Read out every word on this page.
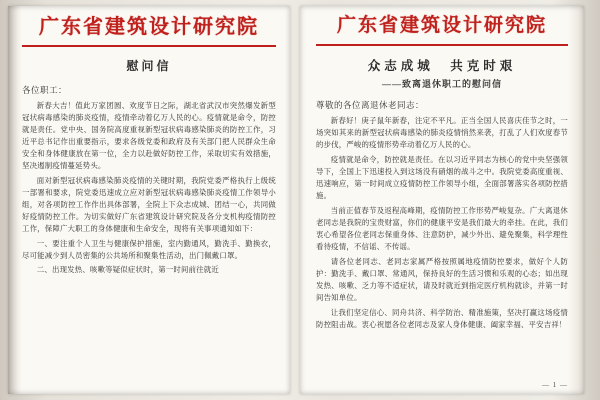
广东省建筑设计研究院
慰问信
各位职工：

新春大吉！值此万家团圆、欢度节日之际，湖北省武汉市突然爆发新型冠状病毒感染的肺炎疫情，疫情牵动着亿万人民的心。疫情就是命令，防控就是责任。党中央、国务院高度重视新型冠状病毒感染肺炎的防控工作，习近平总书记作出重要指示，要求各级党委和政府及有关部门把人民群众生命安全和身体健康放在第一位，全力以赴做好防控工作，采取切实有效措施，坚决遏制疫情蔓延势头。

面对新型冠状病毒感染肺炎疫情的关键时期，我院党委严格执行上级统一部署和要求，院党委迅速成立应对新型冠状病毒感染肺炎疫情工作领导小组，对各项防控工作作出具体部署，全院上下众志成城、团结一心，共同做好疫情防控工作。为切实做好广东省建筑设计研究院及各分支机构疫情防控工作，保障广大职工的身体健康和生命安全，现将有关事项通知如下：

一、要注重个人卫生与健康保护措施，室内勤通风，勤洗手、勤换衣，尽可能减少到人员密集的公共场所和聚集性活动，出门佩戴口罩。

二、出现发热、咳嗽等疑似症状时，第一时间前往就近

广东省建筑设计研究院
众志成城　共克时艰
——致离退休职工的慰问信
尊敬的各位离退休老同志：

新春好！庚子鼠年新春，注定不平凡。正当全国人民喜庆佳节之时，一场突如其来的新型冠状病毒感染的肺炎疫情悄然来袭，打乱了人们欢度春节的步伐，严峻的疫情形势牵动着亿万人民的心。

疫情就是命令，防控就是责任。在以习近平同志为核心的党中央坚强领导下，全国上下迅速投入到这场没有硝烟的战斗之中。我院党委高度重视、迅速响应，第一时间成立疫情防控工作领导小组，全面部署落实各项防控措施。

当前正值春节及返程高峰期，疫情防控工作形势严峻复杂。广大离退休老同志是我院的宝贵财富，你们的健康平安是我们最大的牵挂。在此，我们衷心希望各位老同志保重身体、注意防护，减少外出、避免聚集，科学理性看待疫情，不信谣、不传谣。

请各位老同志、老同志家属严格按照属地疫情防控要求，做好个人防护：勤洗手、戴口罩、常通风，保持良好的生活习惯和乐观的心态；如出现发热、咳嗽、乏力等不适症状，请及时就近到指定医疗机构就诊，并第一时间告知单位。

让我们坚定信心、同舟共济、科学防治、精准施策，坚决打赢这场疫情防控阻击战。衷心祝愿各位老同志及家人身体健康、阖家幸福、平安吉祥！

— 1 —
